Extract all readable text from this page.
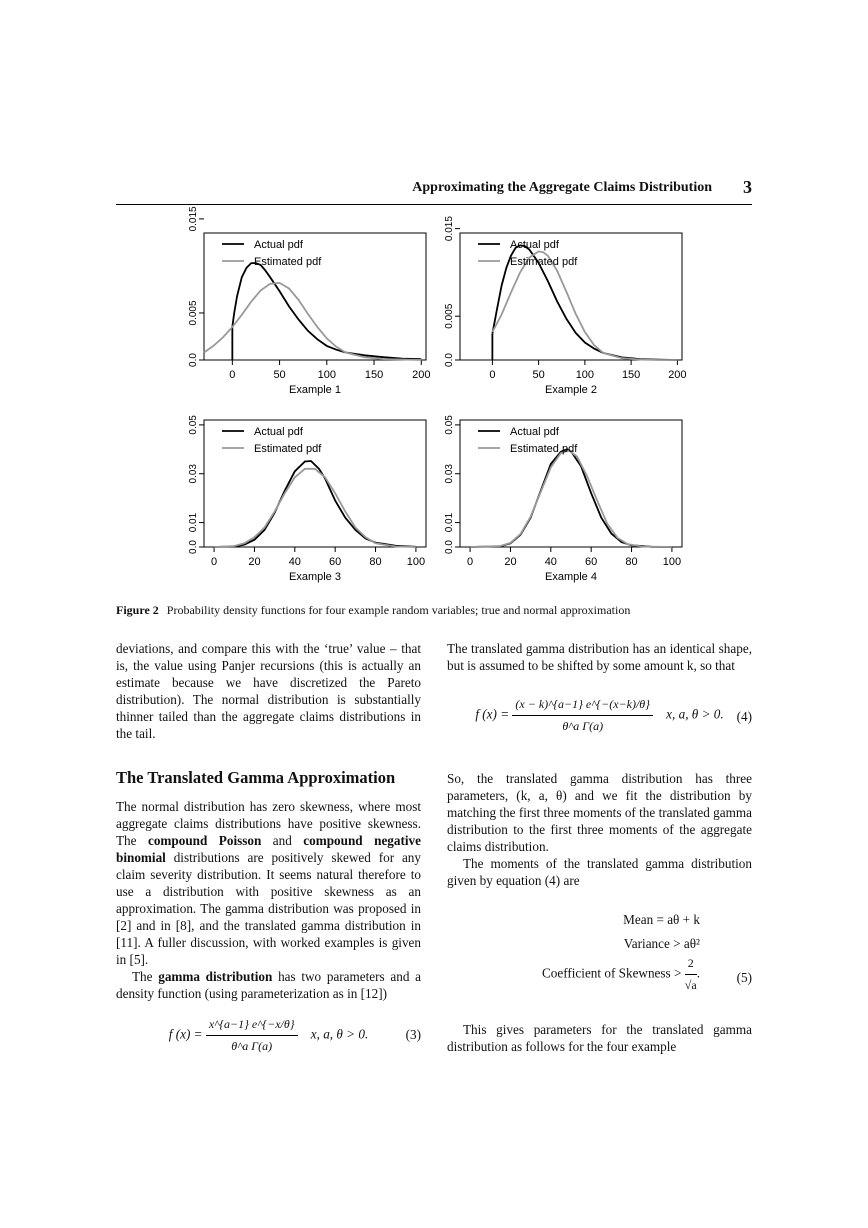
Approximating the Aggregate Claims Distribution 3
0	50	100	150	200
0.0
0.005
0.015
Example 1
Actual pdf
Estimated pdf
0	50	100	150	200
0.0
0.005
0.015
Example 2
Actual pdf
Estimated pdf
0	20	40	60	80 100
0.0
0.01
0.03
0.05
Example 3
Actual pdf
Estimated pdf
0	20	40	60	80 100
0.0
0.01
0.03
0.05
Example 4
Actual pdf
Estimated pdf
Figure 2 Probability density functions for four example random variables; true and normal approximation

deviations, and compare this with the ‘true’ value – that is, the value using Panjer recursions (this is actually an estimate because we have discretized the Pareto distribution). The normal distribution is substantially thinner tailed than the aggregate claims distributions in the tail.

The Translated Gamma Approximation

The normal distribution has zero skewness, where most aggregate claims distributions have positive skewness. The compound Poisson and compound negative binomial distributions are positively skewed for any claim severity distribution. It seems natural therefore to use a distribution with positive skewness as an approximation. The gamma distribution was proposed in [2] and in [8], and the translated gamma distribution in [11]. A fuller discussion, with worked examples is given in [5].

The gamma distribution has two parameters and a density function (using parameterization as in [12])

f $(x) = \frac{x\^{}\{a-1\} e\^{}\{-x/\theta\}}{\text{θ\textasciicircum{}a Γ(a)}} x$, a, θ > 0.	(3)

The translated gamma distribution has an identical shape, but is assumed to be shifted by some amount k, so that

f $(x) = \frac{(x - k)\^{}\{a-1\} e\^{}\{-(x-k)/\theta\}}{\text{θ\textasciicircum{}a Γ(a)}} x$, a, θ > 0. (4)

So, the translated gamma distribution has three parameters, (k, a, θ) and we fit the distribution by matching the first three moments of the translated gamma distribution to the first three moments of the aggregate claims distribution.

The moments of the translated gamma distribution given by equation (4) are

Mean = aθ + k
Variance > aθ²
Coefficient of Skewness > $\frac{2}{√a}$ .	(5)

This gives parameters for the translated gamma distribution as follows for the four example
